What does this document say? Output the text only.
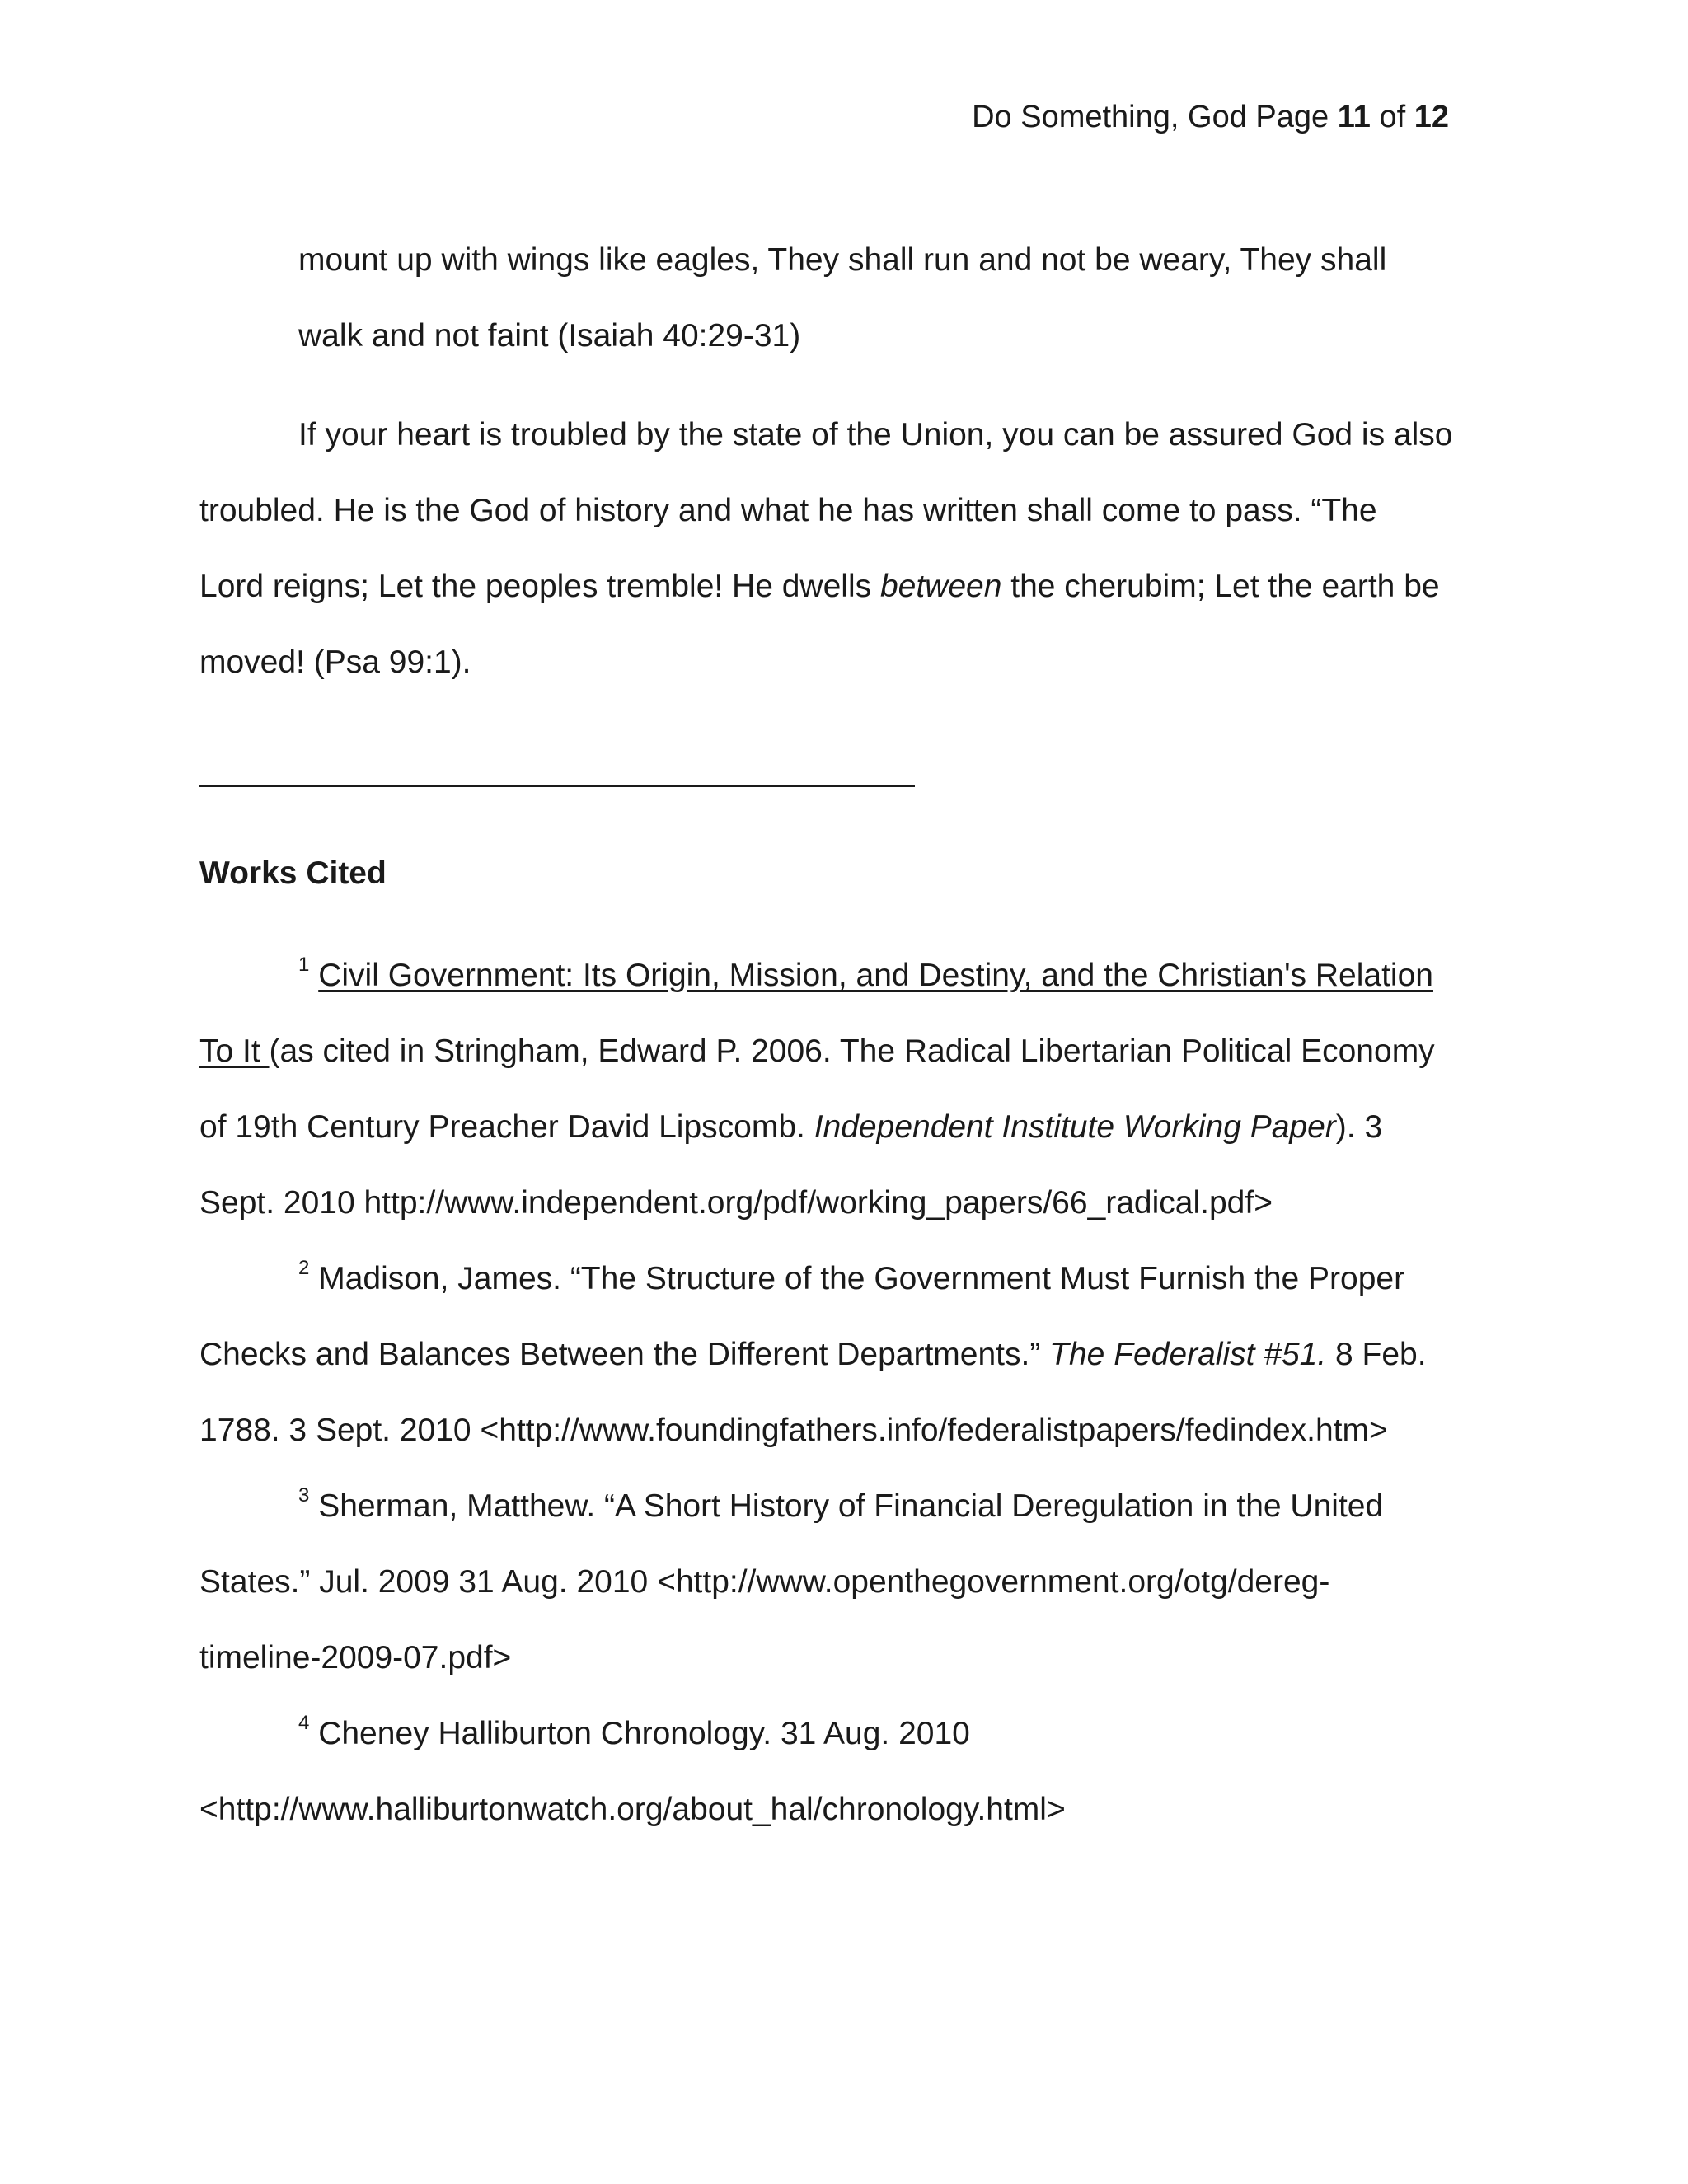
Do Something, God Page 11 of 12
mount up with wings like eagles, They shall run and not be weary, They shall
walk and not faint (Isaiah 40:29-31)
If your heart is troubled by the state of the Union, you can be assured God is also
troubled. He is the God of history and what he has written shall come to pass. “The
Lord reigns; Let the peoples tremble! He dwells between the cherubim; Let the earth be
moved! (Psa 99:1).
Works Cited
$^1$ Civil Government: Its Origin, Mission, and Destiny, and the Christian's Relation
To It (as cited in Stringham, Edward P. 2006. The Radical Libertarian Political Economy
of 19th Century Preacher David Lipscomb. Independent Institute Working Paper). 3
Sept. 2010 http://www.independent.org/pdf/working_papers/66_radical.pdf>
$^2$ Madison, James. “The Structure of the Government Must Furnish the Proper
Checks and Balances Between the Different Departments.” The Federalist #51. 8 Feb.
1788. 3 Sept. 2010 <http://www.foundingfathers.info/federalistpapers/fedindex.htm>
$^3$ Sherman, Matthew. “A Short History of Financial Deregulation in the United
States.” Jul. 2009 31 Aug. 2010 <http://www.openthegovernment.org/otg/dereg-
timeline-2009-07.pdf>
$^4$ Cheney Halliburton Chronology. 31 Aug. 2010
<http://www.halliburtonwatch.org/about_hal/chronology.html>
